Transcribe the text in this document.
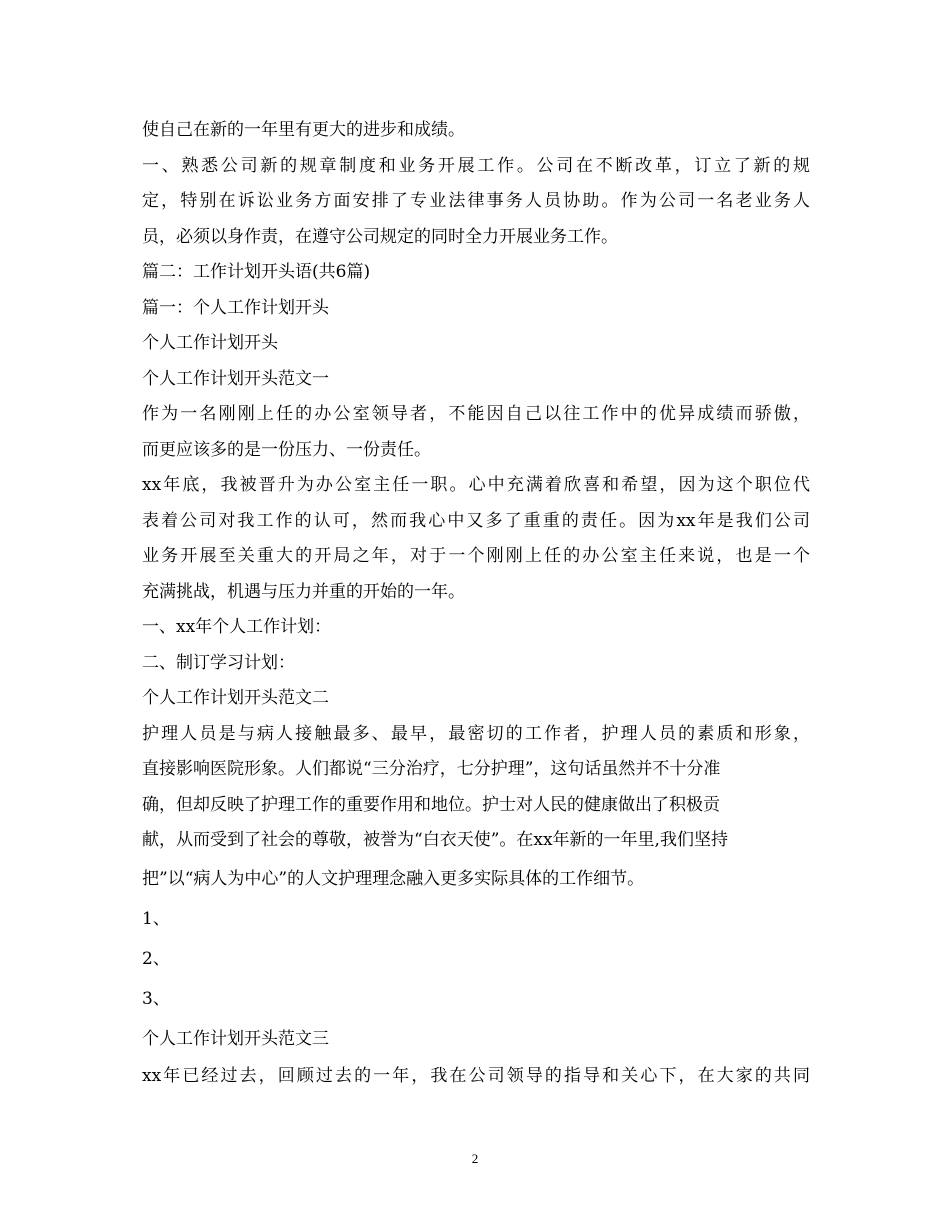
使自己在新的一年里有更大的进步和成绩。
一、熟悉公司新的规章制度和业务开展工作。公司在不断改革，订立了新的规
定，特别在诉讼业务方面安排了专业法律事务人员协助。作为公司一名老业务人
员，必须以身作责，在遵守公司规定的同时全力开展业务工作。
篇二：工作计划开头语(共6篇)
篇一：个人工作计划开头
个人工作计划开头
个人工作计划开头范文一
作为一名刚刚上任的办公室领导者，不能因自己以往工作中的优异成绩而骄傲，
而更应该多的是一份压力、一份责任。
xx年底，我被晋升为办公室主任一职。心中充满着欣喜和希望，因为这个职位代
表着公司对我工作的认可，然而我心中又多了重重的责任。因为xx年是我们公司
业务开展至关重大的开局之年，对于一个刚刚上任的办公室主任来说，也是一个
充满挑战，机遇与压力并重的开始的一年。
一、xx年个人工作计划：
二、制订学习计划：
个人工作计划开头范文二
护理人员是与病人接触最多、最早，最密切的工作者，护理人员的素质和形象，
直接影响医院形象。人们都说“三分治疗，七分护理”，这句话虽然并不十分准
确，但却反映了护理工作的重要作用和地位。护士对人民的健康做出了积极贡
献，从而受到了社会的尊敬，被誉为“白衣天使”。在xx年新的一年里,我们坚持
把”以“病人为中心”的人文护理理念融入更多实际具体的工作细节。
1、
2、
3、
个人工作计划开头范文三
xx年已经过去，回顾过去的一年，我在公司领导的指导和关心下，在大家的共同
2
